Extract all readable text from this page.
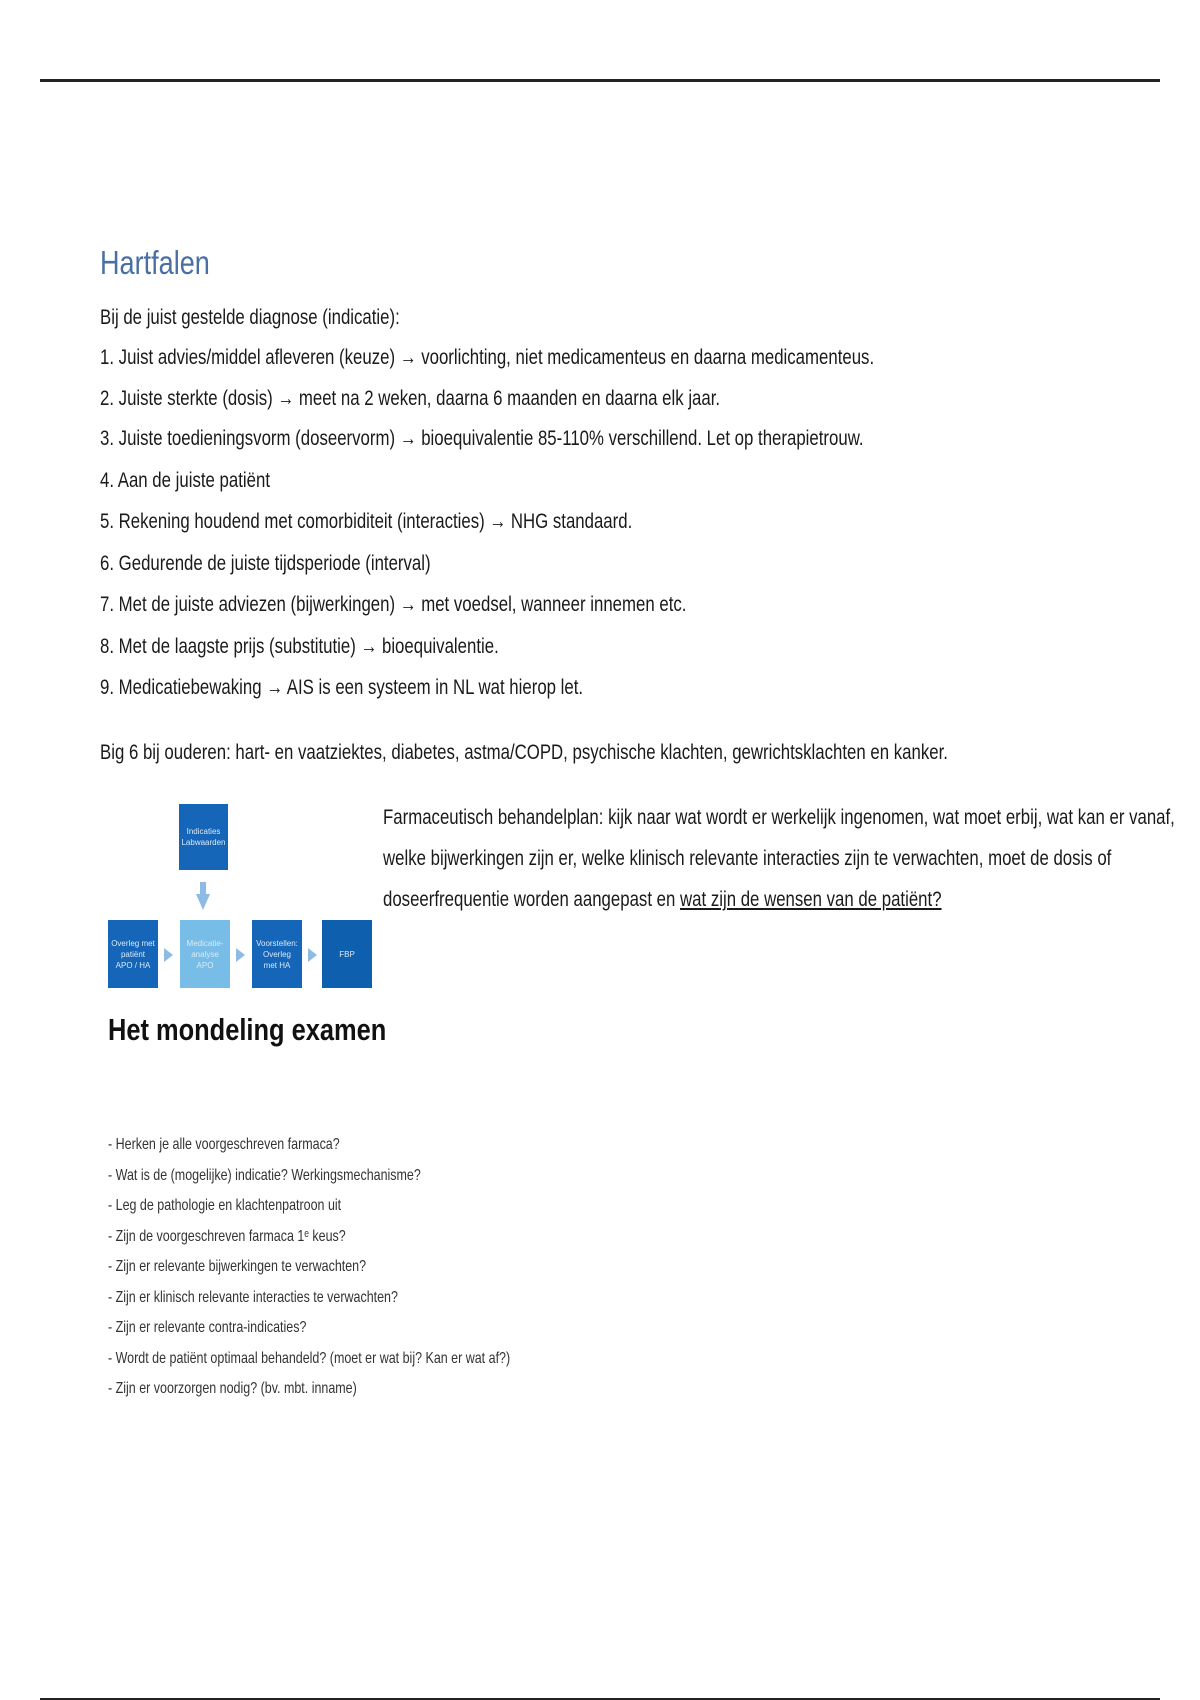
Hartfalen
Bij de juist gestelde diagnose (indicatie):
1. Juist advies/middel afleveren (keuze) → voorlichting, niet medicamenteus en daarna medicamenteus.
2. Juiste sterkte (dosis) → meet na 2 weken, daarna 6 maanden en daarna elk jaar.
3. Juiste toedieningsvorm (doseervorm) → bioequivalentie 85-110% verschillend. Let op therapietrouw.
4. Aan de juiste patiënt
5. Rekening houdend met comorbiditeit (interacties) → NHG standaard.
6. Gedurende de juiste tijdsperiode (interval)
7. Met de juiste adviezen (bijwerkingen) → met voedsel, wanneer innemen etc.
8. Met de laagste prijs (substitutie) → bioequivalentie.
9. Medicatiebewaking → AIS is een systeem in NL wat hierop let.
Big 6 bij ouderen: hart- en vaatziektes, diabetes, astma/COPD, psychische klachten, gewrichtsklachten en kanker.
Indicaties
Labwaarden
Overleg met
patiënt
APO / HA
Medicatie-
analyse
APO
Voorstellen:
Overleg
met HA
FBP
Farmaceutisch behandelplan: kijk naar wat wordt er werkelijk ingenomen, wat moet erbij, wat kan er vanaf,
welke bijwerkingen zijn er, welke klinisch relevante interacties zijn te verwachten, moet de dosis of
doseerfrequentie worden aangepast en wat zijn de wensen van de patiënt?
Het mondeling examen
- Herken je alle voorgeschreven farmaca?
- Wat is de (mogelijke) indicatie? Werkingsmechanisme?
- Leg de pathologie en klachtenpatroon uit
- Zijn de voorgeschreven farmaca 1ᵉ keus?
- Zijn er relevante bijwerkingen te verwachten?
- Zijn er klinisch relevante interacties te verwachten?
- Zijn er relevante contra-indicaties?
- Wordt de patiënt optimaal behandeld? (moet er wat bij? Kan er wat af?)
- Zijn er voorzorgen nodig? (bv. mbt. inname)
